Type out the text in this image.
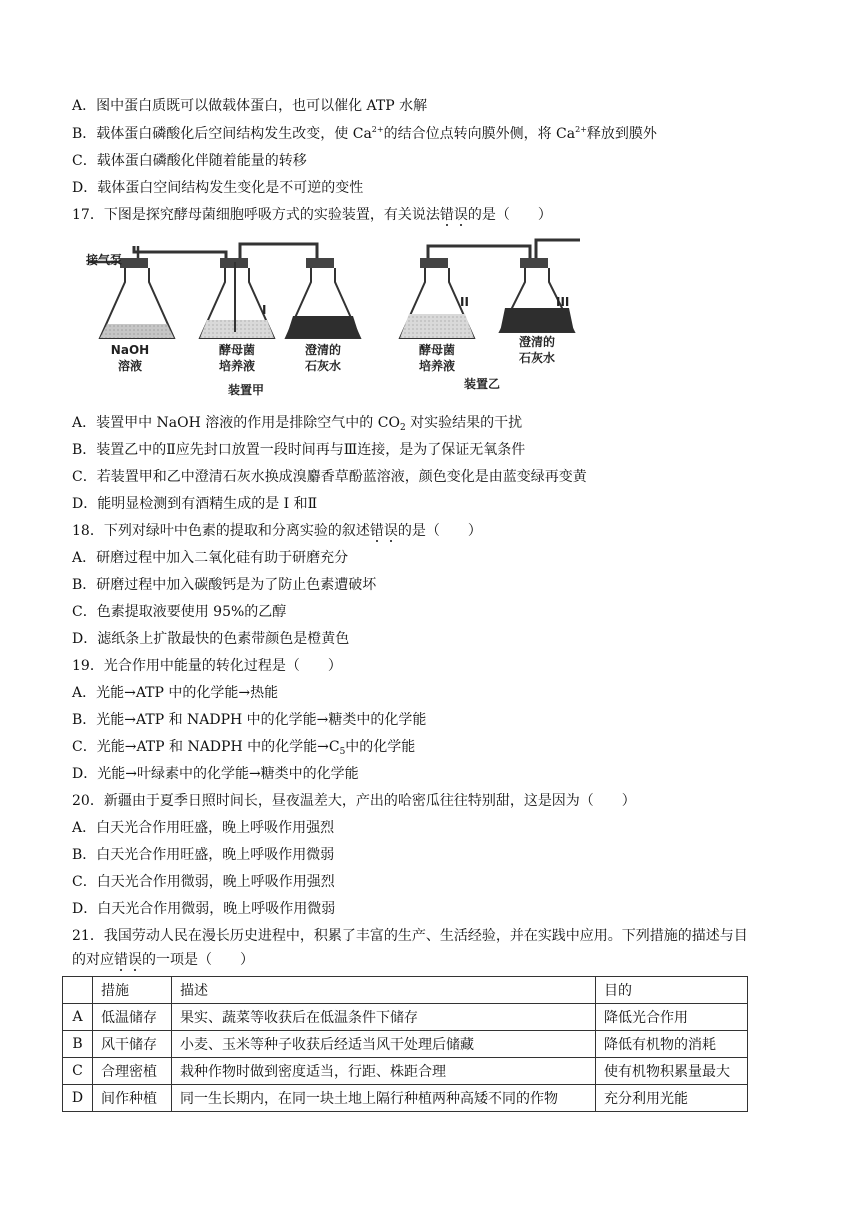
A．图中蛋白质既可以做载体蛋白，也可以催化 ATP 水解
B．载体蛋白磷酸化后空间结构发生改变，使 $Ca^{2+}$的结合位点转向膜外侧，将 $Ca^{2+}$释放到膜外
C．载体蛋白磷酸化伴随着能量的转移
D．载体蛋白空间结构发生变化是不可逆的变性
17．下图是探究酵母菌细胞呼吸方式的实验装置，有关说法错误的是（　　）
接气泵
NaOH
溶液
酵母菌
培养液
澄清的
石灰水
酵母菌
培养液
澄清的
石灰水
I
II	III
装置甲	装置乙
A．装置甲中 NaOH 溶液的作用是排除空气中的 $CO_2$ 对实验结果的干扰
B．装置乙中的Ⅱ应先封口放置一段时间再与Ⅲ连接，是为了保证无氧条件
C．若装置甲和乙中澄清石灰水换成溴麝香草酚蓝溶液，颜色变化是由蓝变绿再变黄
D．能明显检测到有酒精生成的是 I 和Ⅱ
18．下列对绿叶中色素的提取和分离实验的叙述错误的是（　　）
A．研磨过程中加入二氧化硅有助于研磨充分
B．研磨过程中加入碳酸钙是为了防止色素遭破坏
C．色素提取液要使用 95%的乙醇
D．滤纸条上扩散最快的色素带颜色是橙黄色
19．光合作用中能量的转化过程是（　　）
A．光能→ATP 中的化学能→热能
B．光能→ATP 和 NADPH 中的化学能→糖类中的化学能
C．光能→ATP 和 NADPH 中的化学能$\to C_5$中的化学能
D．光能→叶绿素中的化学能→糖类中的化学能
20．新疆由于夏季日照时间长，昼夜温差大，产出的哈密瓜往往特别甜，这是因为（　　）
A．白天光合作用旺盛，晚上呼吸作用强烈
B．白天光合作用旺盛，晚上呼吸作用微弱
C．白天光合作用微弱，晚上呼吸作用强烈
D．白天光合作用微弱，晚上呼吸作用微弱
21．我国劳动人民在漫长历史进程中，积累了丰富的生产、生活经验，并在实践中应用。下列措施的描述与目
的对应错误的一项是（　　）
	措施	描述	目的
A	低温储存	果实、蔬菜等收获后在低温条件下储存	降低光合作用
B	风干储存	小麦、玉米等种子收获后经适当风干处理后储藏	降低有机物的消耗
C	合理密植	栽种作物时做到密度适当，行距、株距合理	使有机物积累量最大
D	间作种植	同一生长期内，在同一块土地上隔行种植两种高矮不同的作物	充分利用光能
